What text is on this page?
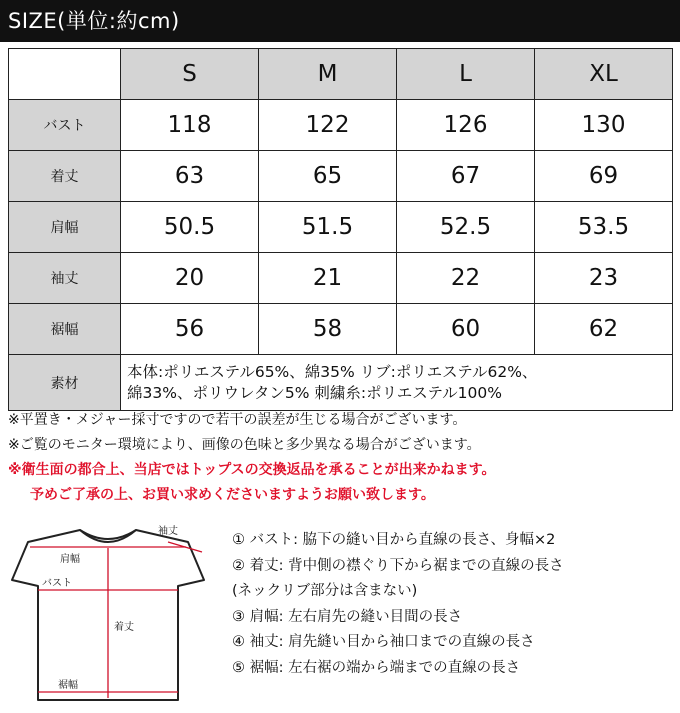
SIZE(単位:約cm)
	S	M	L	XL
バスト	118	122	126	130
着丈	63	65	67	69
肩幅	50.5	51.5	52.5	53.5
袖丈	20	21	22	23
裾幅	56	58	60	62
素材	本体:ポリエステル65%、綿35% リブ:ポリエステル62%、
綿33%、ポリウレタン5% 刺繍糸:ポリエステル100%			
※平置き・メジャー採寸ですので若干の誤差が生じる場合がございます。
※ご覧のモニター環境により、画像の色味と多少異なる場合がございます。
※衛生面の都合上、当店ではトップスの交換返品を承ることが出来かねます。
予めご了承の上、お買い求めくださいますようお願い致します。
袖丈
肩幅
バスト
着丈
裾幅
① バスト: 脇下の縫い目から直線の長さ、身幅×2
② 着丈: 背中側の襟ぐり下から裾までの直線の長さ
(ネックリブ部分は含まない)
③ 肩幅: 左右肩先の縫い目間の長さ
④ 袖丈: 肩先縫い目から袖口までの直線の長さ
⑤ 裾幅: 左右裾の端から端までの直線の長さ
